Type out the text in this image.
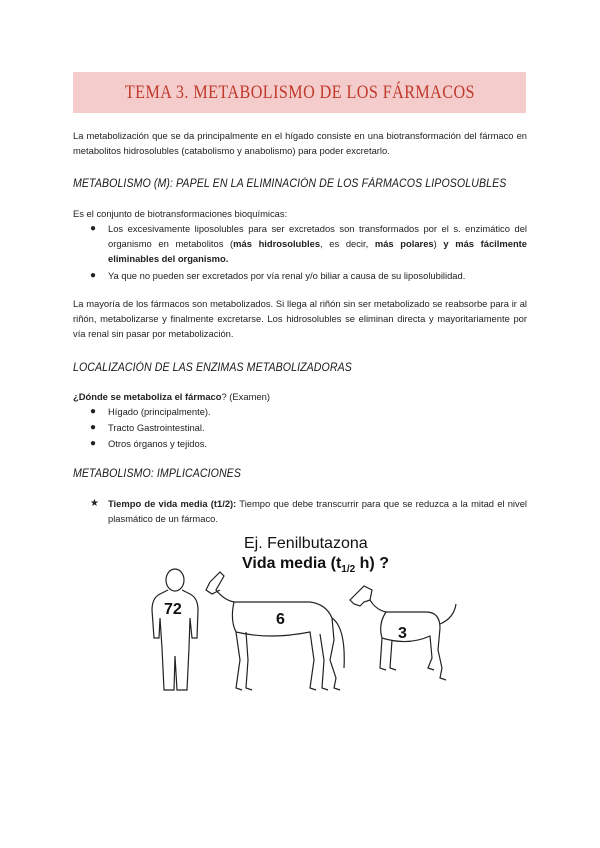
TEMA 3. METABOLISMO DE LOS FÁRMACOS
La metabolización que se da principalmente en el hígado consiste en una biotransformación del fármaco en metabolitos hidrosolubles (catabolismo y anabolismo) para poder excretarlo.
METABOLISMO (M): PAPEL EN LA ELIMINACIÓN DE LOS FÁRMACOS LIPOSOLUBLES
Es el conjunto de biotransformaciones bioquímicas:
● Los excesivamente liposolubles para ser excretados son transformados por el s. enzimático del organismo en metabolitos (más hidrosolubles, es decir, más polares) y más fácilmente eliminables del organismo.
● Ya que no pueden ser excretados por vía renal y/o biliar a causa de su liposolubilidad.
La mayoría de los fármacos son metabolizados. Si llega al riñón sin ser metabolizado se reabsorbe para ir al riñón, metabolizarse y finalmente excretarse. Los hidrosolubles se eliminan directa y mayoritariamente por vía renal sin pasar por metabolización.
LOCALIZACIÓN DE LAS ENZIMAS METABOLIZADORAS
¿Dónde se metaboliza el fármaco? (Examen)
● Hígado (principalmente).
● Tracto Gastrointestinal.
● Otros órganos y tejidos.
METABOLISMO: IMPLICACIONES
★ Tiempo de vida media (t1/2): Tiempo que debe transcurrir para que se reduzca a la mitad el nivel plasmático de un fármaco.
Ej. Fenilbutazona
Vida media ($t_{1/2}$ h) ?
72
6
3
